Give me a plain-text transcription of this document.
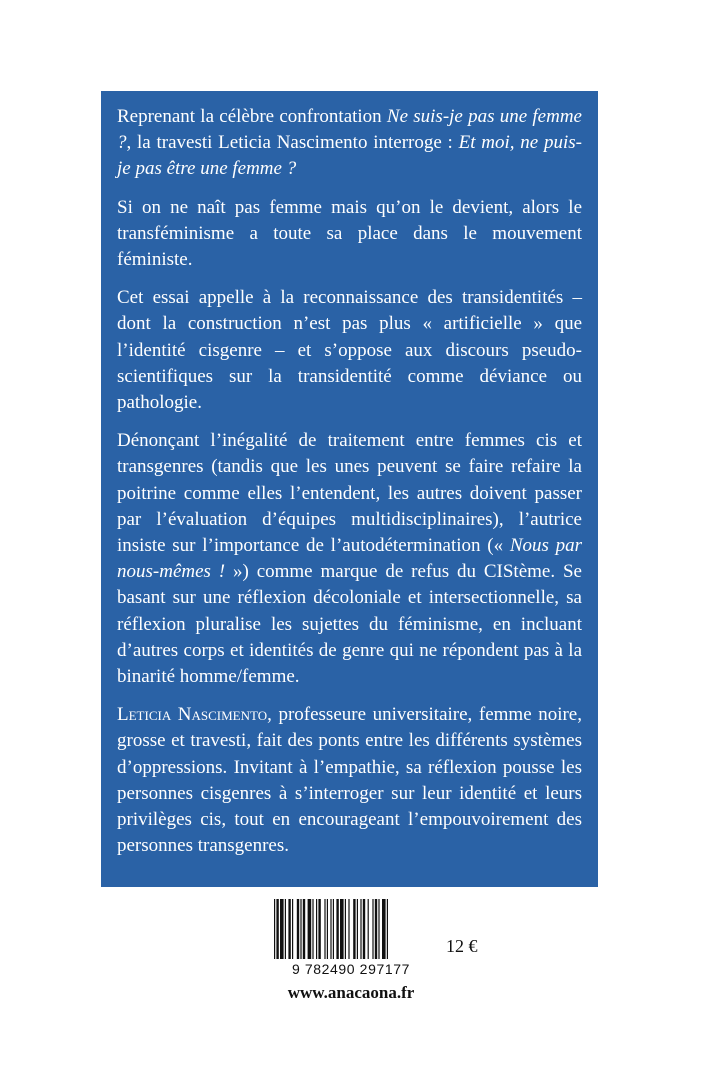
Reprenant la célèbre confrontation Ne suis-je pas une femme ?, la travesti Leticia Nascimento interroge : Et moi, ne puis-je pas être une femme ?

Si on ne naît pas femme mais qu’on le devient, alors le transféminisme a toute sa place dans le mouvement féministe.

Cet essai appelle à la reconnaissance des transidentités – dont la construction n’est pas plus « artificielle » que l’identité cisgenre – et s’oppose aux discours pseudo-scientifiques sur la transidentité comme déviance ou pathologie.

Dénonçant l’inégalité de traitement entre femmes cis et transgenres (tandis que les unes peuvent se faire refaire la poitrine comme elles l’entendent, les autres doivent passer par l’évaluation d’équipes multidisciplinaires), l’autrice insiste sur l’importance de l’autodétermination (« Nous par nous-mêmes ! ») comme marque de refus du CIStème. Se basant sur une réflexion décoloniale et intersectionnelle, sa réflexion pluralise les sujettes du féminisme, en incluant d’autres corps et identités de genre qui ne répondent pas à la binarité homme/femme.

Leticia Nascimento, professeure universitaire, femme noire, grosse et travesti, fait des ponts entre les différents systèmes d’oppressions. Invitant à l’empathie, sa réflexion pousse les personnes cisgenres à s’interroger sur leur identité et leurs privilèges cis, tout en encourageant l’empouvoirement des personnes transgenres.

9 782490 297177
12 €
www.anacaona.fr
